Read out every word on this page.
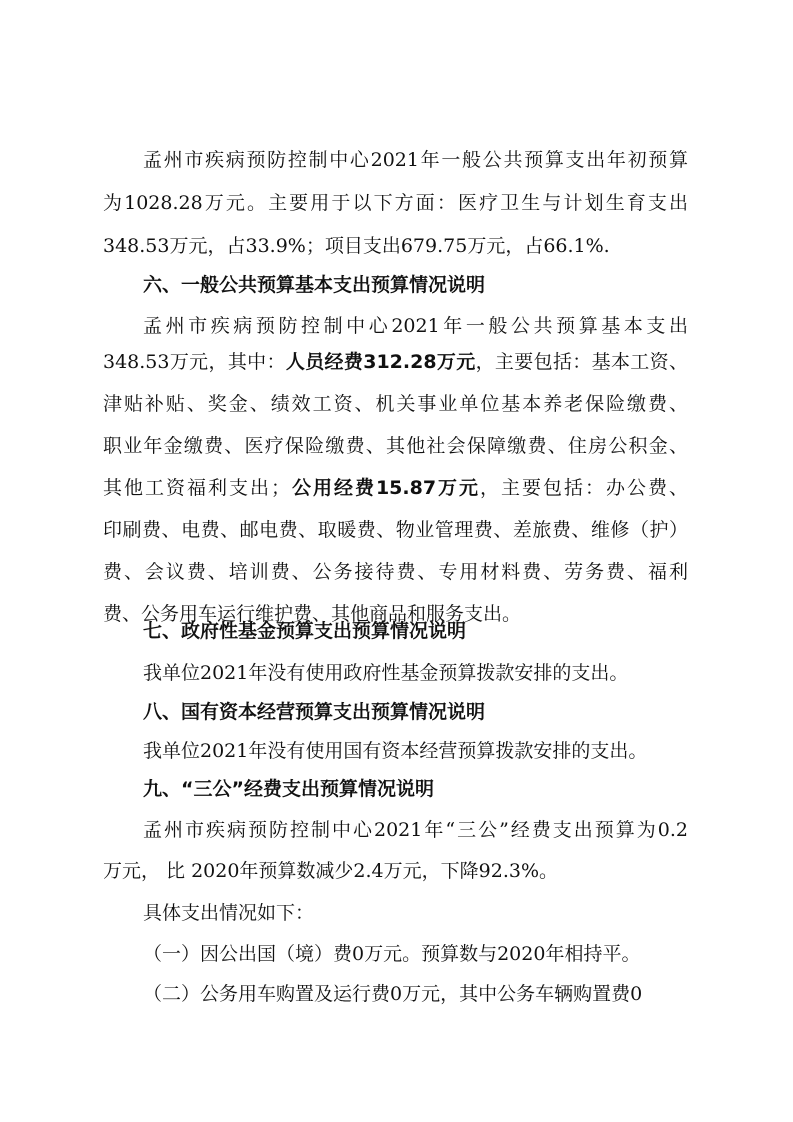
孟州市疾病预防控制中心2021年一般公共预算支出年初预算
为1028.28万元。主要用于以下方面：医疗卫生与计划生育支出
348.53万元，占33.9%；项目支出679.75万元，占66.1%.
六、一般公共预算基本支出预算情况说明
孟州市疾病预防控制中心2021年一般公共预算基本支出
348.53万元，其中：人员经费312.28万元，主要包括：基本工资、
津贴补贴、奖金、绩效工资、机关事业单位基本养老保险缴费、
职业年金缴费、医疗保险缴费、其他社会保障缴费、住房公积金、
其他工资福利支出；公用经费15.87万元，主要包括：办公费、
印刷费、电费、邮电费、取暖费、物业管理费、差旅费、维修（护）
费、会议费、培训费、公务接待费、专用材料费、劳务费、福利
费、公务用车运行维护费、其他商品和服务支出。
七、政府性基金预算支出预算情况说明
我单位2021年没有使用政府性基金预算拨款安排的支出。
八、国有资本经营预算支出预算情况说明
我单位2021年没有使用国有资本经营预算拨款安排的支出。
九、“三公”经费支出预算情况说明
孟州市疾病预防控制中心2021年“三公”经费支出预算为0.2
万元， 比 2020年预算数减少2.4万元，下降92.3%。
具体支出情况如下：
（一）因公出国（境）费0万元。预算数与2020年相持平。
（二）公务用车购置及运行费0万元，其中公务车辆购置费0
